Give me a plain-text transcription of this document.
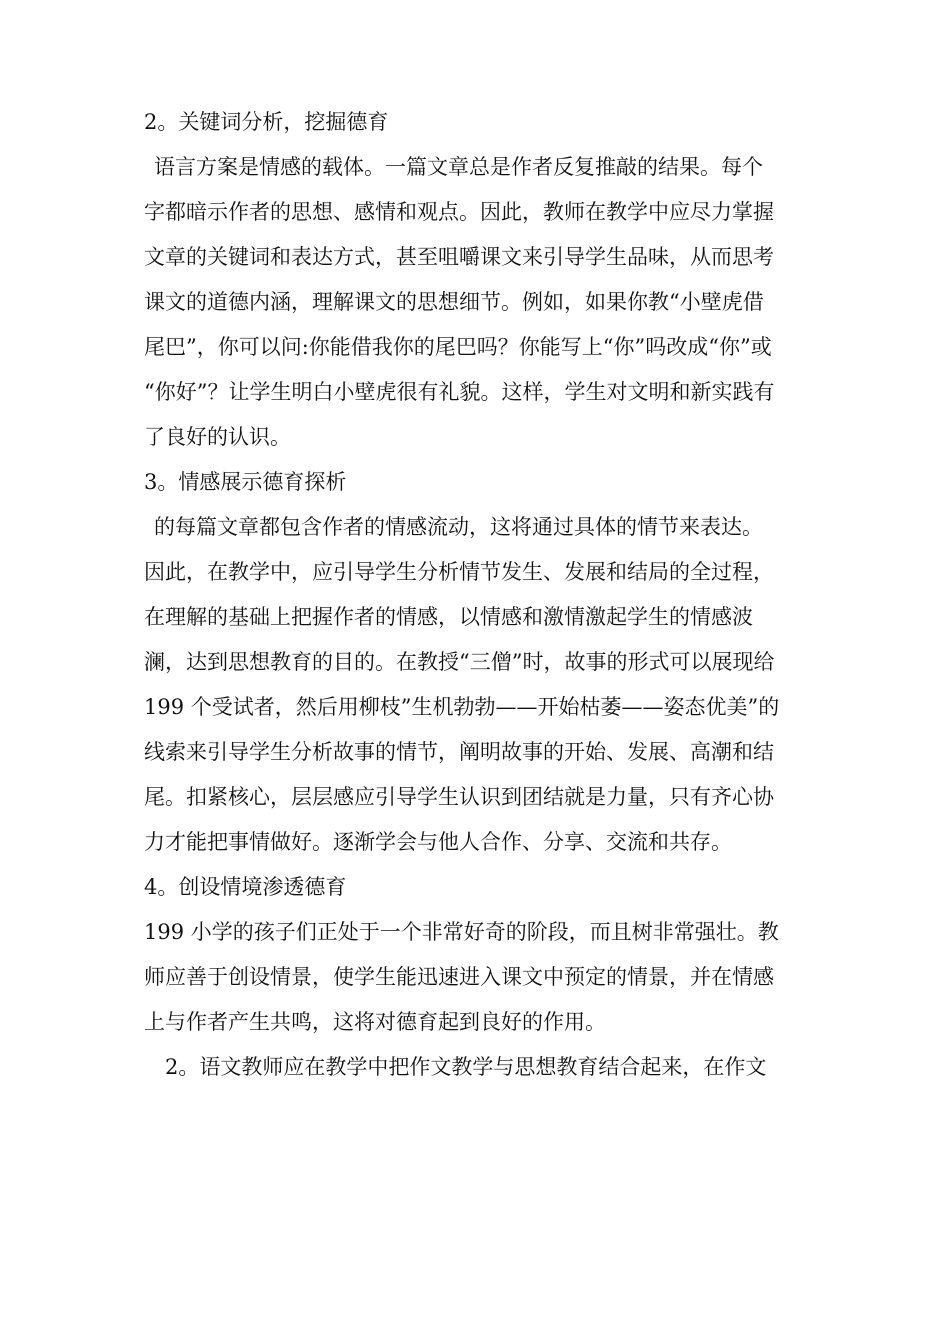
2。关键词分析，挖掘德育
语言方案是情感的载体。一篇文章总是作者反复推敲的结果。每个
字都暗示作者的思想、感情和观点。因此，教师在教学中应尽力掌握
文章的关键词和表达方式，甚至咀嚼课文来引导学生品味，从而思考
课文的道德内涵，理解课文的思想细节。例如，如果你教“小壁虎借
尾巴”，你可以问:你能借我你的尾巴吗？你能写上“你”吗改成“你”或
“你好”？让学生明白小壁虎很有礼貌。这样，学生对文明和新实践有
了良好的认识。
3。情感展示德育探析
的每篇文章都包含作者的情感流动，这将通过具体的情节来表达。
因此，在教学中，应引导学生分析情节发生、发展和结局的全过程，
在理解的基础上把握作者的情感，以情感和激情激起学生的情感波
澜，达到思想教育的目的。在教授“三僧”时，故事的形式可以展现给
199 个受试者，然后用柳枝”生机勃勃——开始枯萎——姿态优美”的
线索来引导学生分析故事的情节，阐明故事的开始、发展、高潮和结
尾。扣紧核心，层层感应引导学生认识到团结就是力量，只有齐心协
力才能把事情做好。逐渐学会与他人合作、分享、交流和共存。
4。创设情境渗透德育
199 小学的孩子们正处于一个非常好奇的阶段，而且树非常强壮。教
师应善于创设情景，使学生能迅速进入课文中预定的情景，并在情感
上与作者产生共鸣，这将对德育起到良好的作用。
2。语文教师应在教学中把作文教学与思想教育结合起来，在作文
